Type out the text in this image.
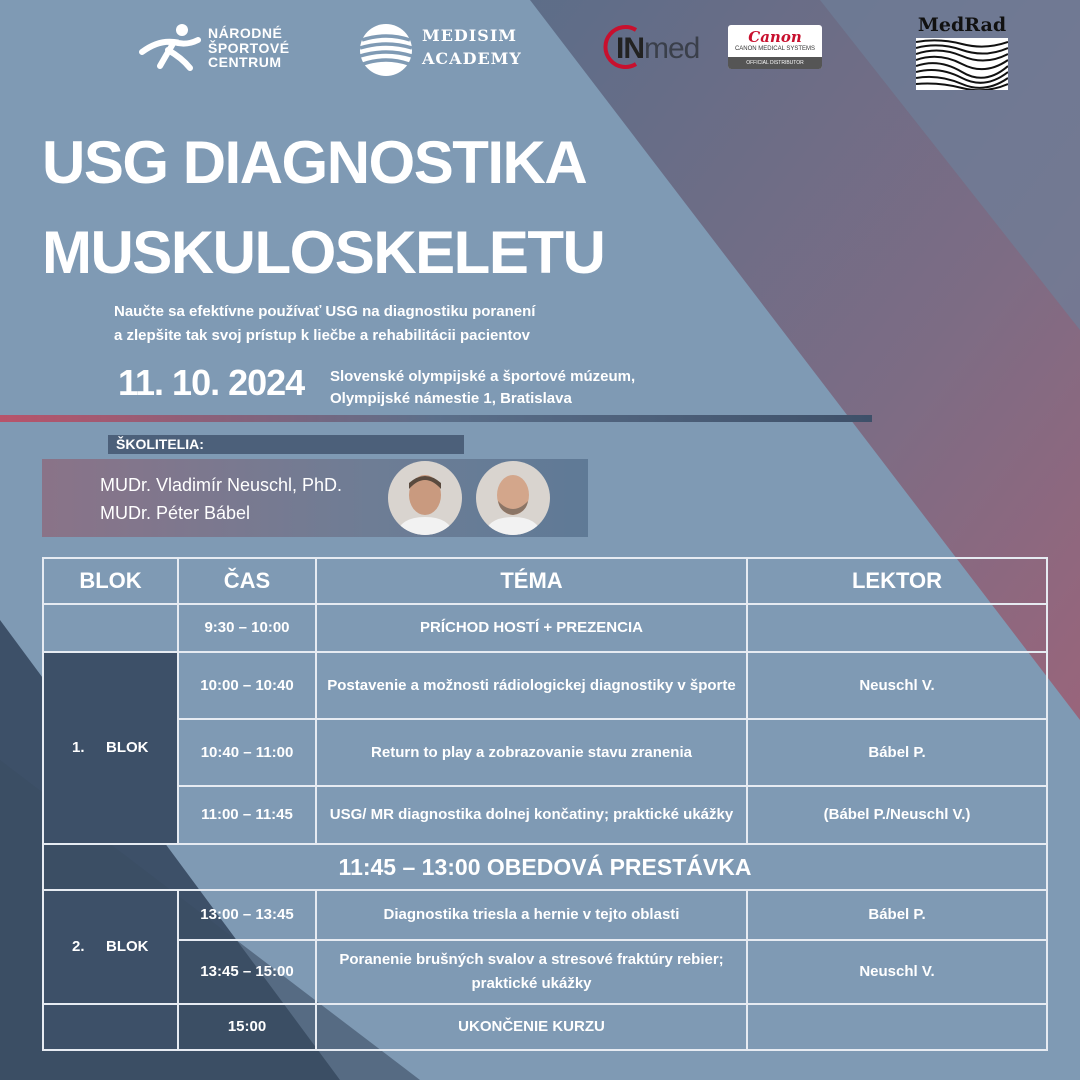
NÁRODNÉ
ŠPORTOVÉ
CENTRUM
MEDISIM
ACADEMY	INmed	Canon
CANON MEDICAL SYSTEMS
OFFICIAL DISTRIBUTOR
MedRad
USG DIAGNOSTIKA
MUSKULOSKELETU
Naučte sa efektívne používať USG na diagnostiku poranení
a zlepšite tak svoj prístup k liečbe a rehabilitácii pacientov
11. 10. 2024 Slovenské olympijské a športové múzeum,
Olympijské námestie 1, Bratislava
ŠKOLITELIA:
MUDr. Vladimír Neuschl, PhD.
MUDr. Péter Bábel
BLOK	ČAS	TÉMA	LEKTOR
	9:30 – 10:00	PRÍCHOD HOSTÍ + PREZENCIA	
1. BLOK	10:00 – 10:40	Postavenie a možnosti rádiologickej diagnostiky v športe	Neuschl V.
	10:40 – 11:00	Return to play a zobrazovanie stavu zranenia	Bábel P.
	11:00 – 11:45	USG/ MR diagnostika dolnej končatiny; praktické ukážky	(Bábel P./Neuschl V.)
11:45 – 13:00 OBEDOVÁ PRESTÁVKA			
2. BLOK	13:00 – 13:45	Diagnostika triesla a hernie v tejto oblasti	Bábel P.
	13:45 – 15:00	Poranenie brušných svalov a stresové fraktúry rebier; praktické ukážky	Neuschl V.
	15:00	UKONČENIE KURZU	
